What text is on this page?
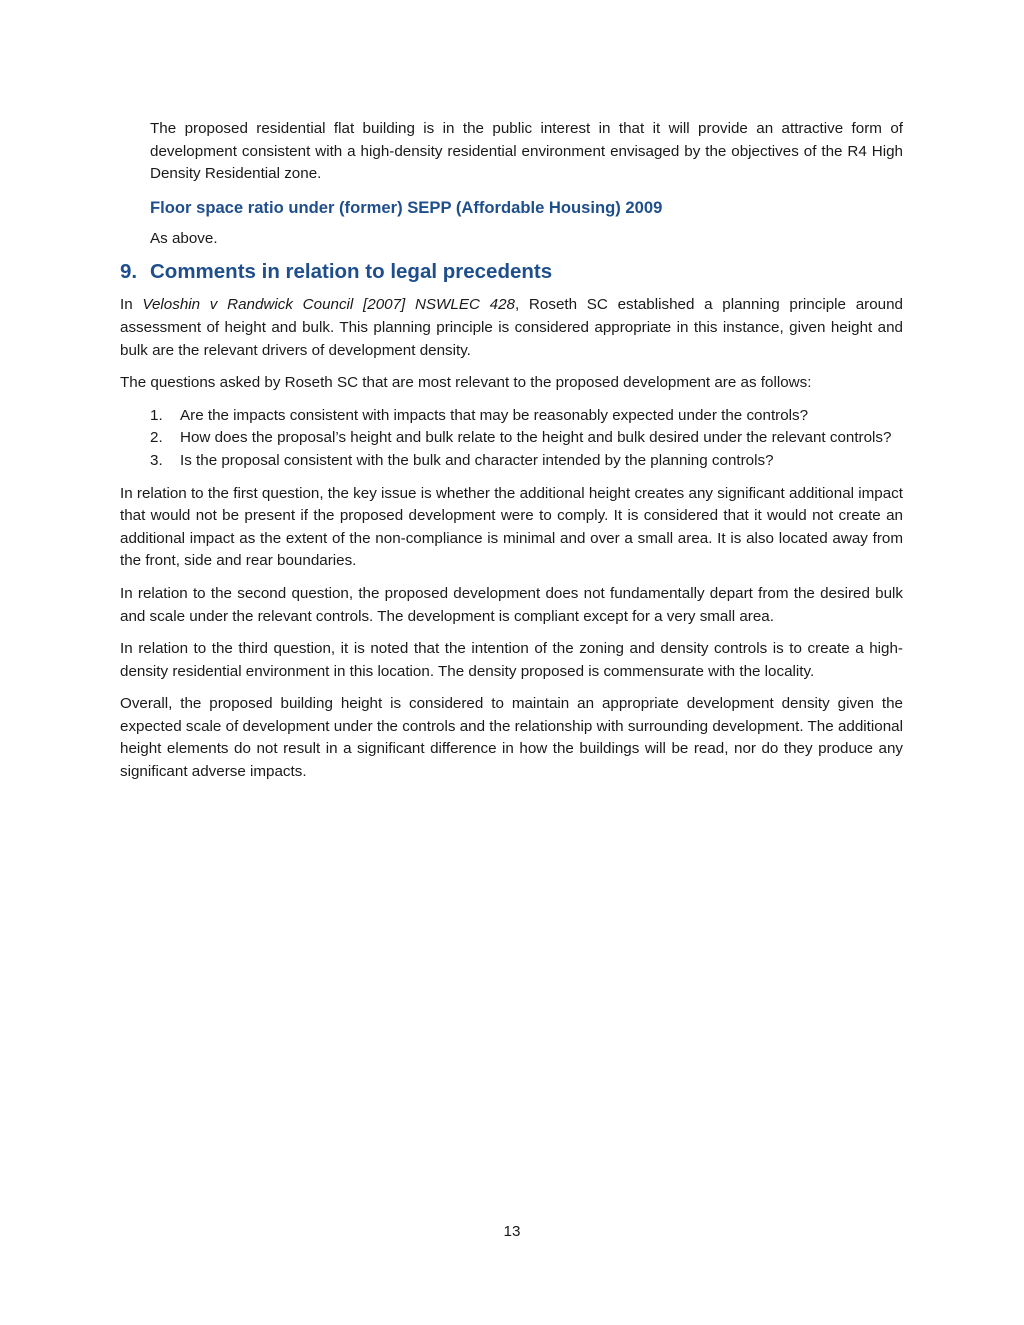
The proposed residential flat building is in the public interest in that it will provide an attractive form of development consistent with a high-density residential environment envisaged by the objectives of the R4 High Density Residential zone.

Floor space ratio under (former) SEPP (Affordable Housing) 2009
As above.
9. Comments in relation to legal precedents

In Veloshin v Randwick Council [2007] NSWLEC 428, Roseth SC established a planning principle around assessment of height and bulk. This planning principle is considered appropriate in this instance, given height and bulk are the relevant drivers of development density.

The questions asked by Roseth SC that are most relevant to the proposed development are as follows:

1.	Are the impacts consistent with impacts that may be reasonably expected under the controls?
2.	How does the proposal’s height and bulk relate to the height and bulk desired under the relevant controls?
3.	Is the proposal consistent with the bulk and character intended by the planning controls?

In relation to the first question, the key issue is whether the additional height creates any significant additional impact that would not be present if the proposed development were to comply. It is considered that it would not create an additional impact as the extent of the non-compliance is minimal and over a small area. It is also located away from the front, side and rear boundaries.

In relation to the second question, the proposed development does not fundamentally depart from the desired bulk and scale under the relevant controls. The development is compliant except for a very small area.

In relation to the third question, it is noted that the intention of the zoning and density controls is to create a high-density residential environment in this location. The density proposed is commensurate with the locality.

Overall, the proposed building height is considered to maintain an appropriate development density given the expected scale of development under the controls and the relationship with surrounding development. The additional height elements do not result in a significant difference in how the buildings will be read, nor do they produce any significant adverse impacts.

13
